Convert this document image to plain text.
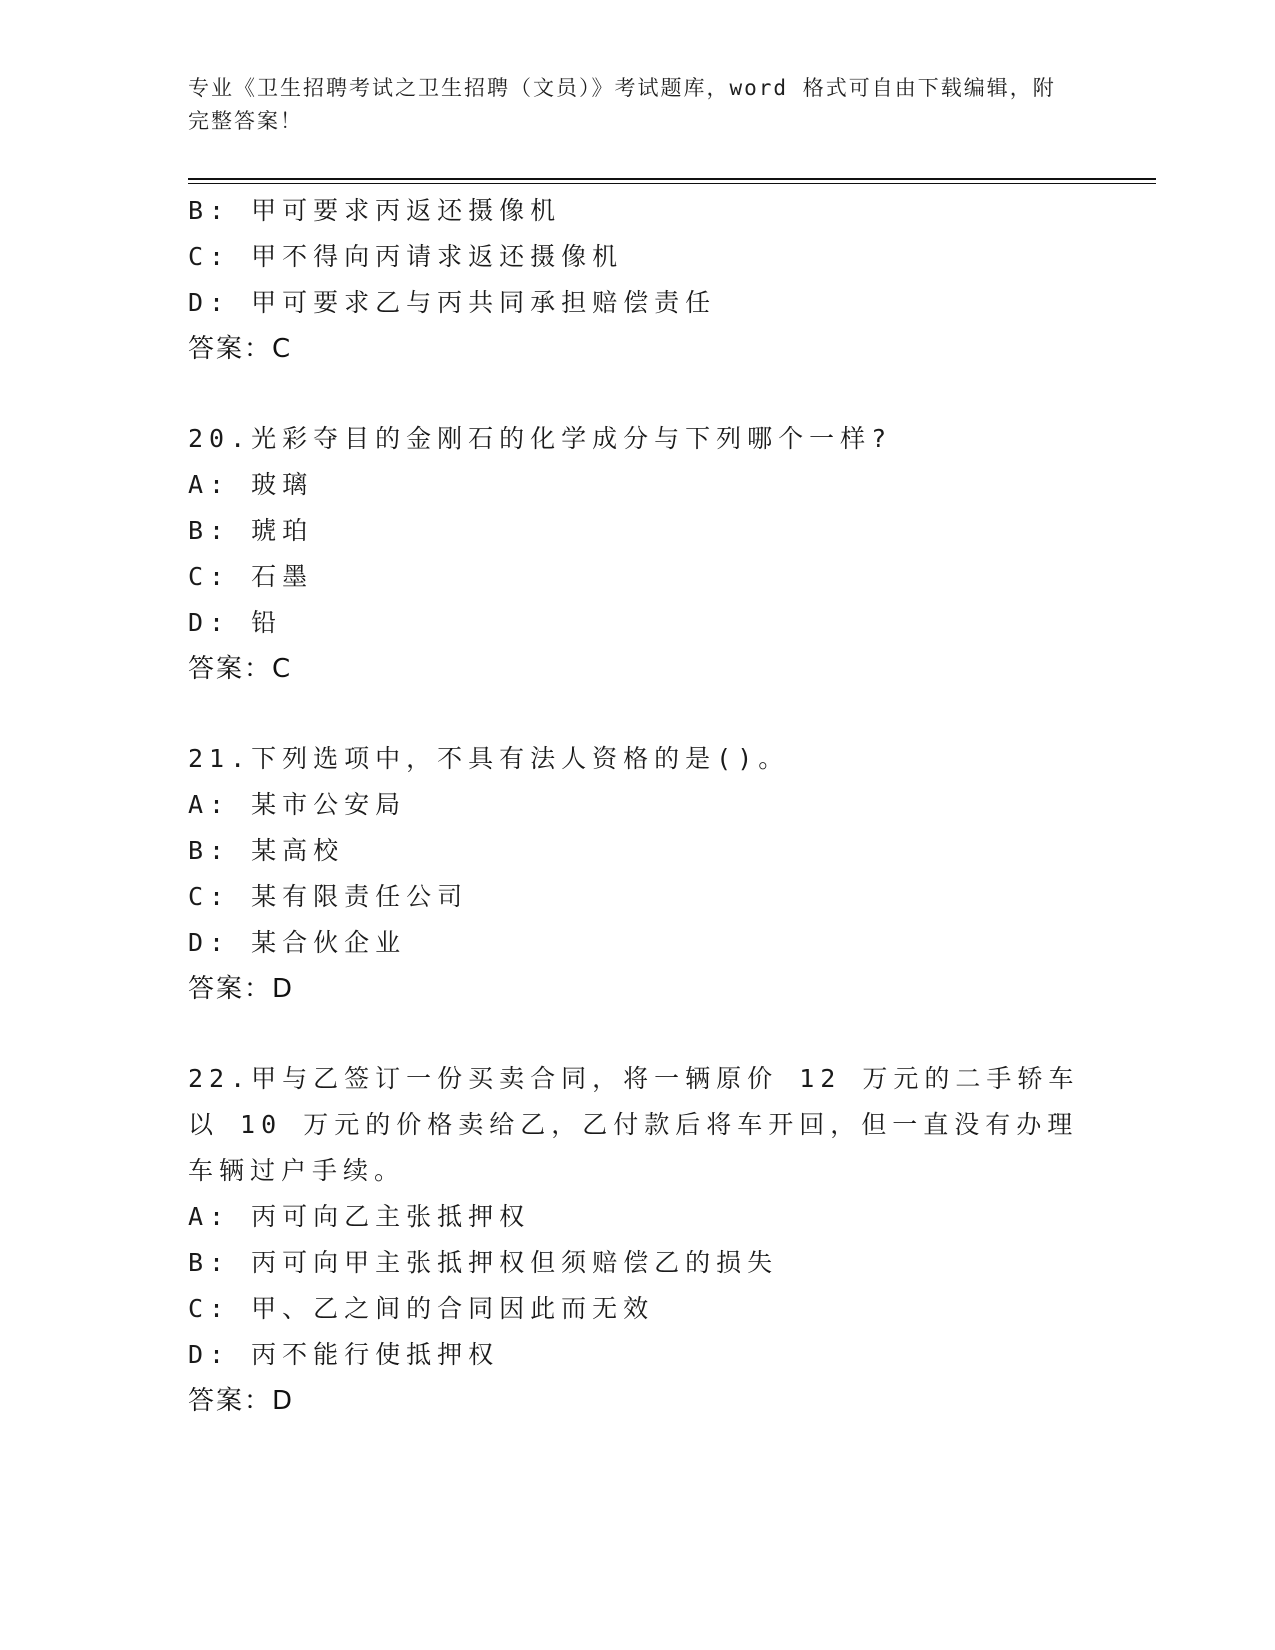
专业《卫生招聘考试之卫生招聘（文员）》考试题库，word 格式可自由下载编辑，附完整答案！
B: 甲可要求丙返还摄像机
C: 甲不得向丙请求返还摄像机
D: 甲可要求乙与丙共同承担赔偿责任
答案：C
20.光彩夺目的金刚石的化学成分与下列哪个一样?
A: 玻璃
B: 琥珀
C: 石墨
D: 铅
答案：C
21.下列选项中，不具有法人资格的是()。
A: 某市公安局
B: 某高校
C: 某有限责任公司
D: 某合伙企业
答案：D
22.甲与乙签订一份买卖合同，将一辆原价 12 万元的二手轿车以 10 万元的价格卖给乙，乙付款后将车开回，但一直没有办理车辆过户手续。
A: 丙可向乙主张抵押权
B: 丙可向甲主张抵押权但须赔偿乙的损失
C: 甲、乙之间的合同因此而无效
D: 丙不能行使抵押权
答案：D
